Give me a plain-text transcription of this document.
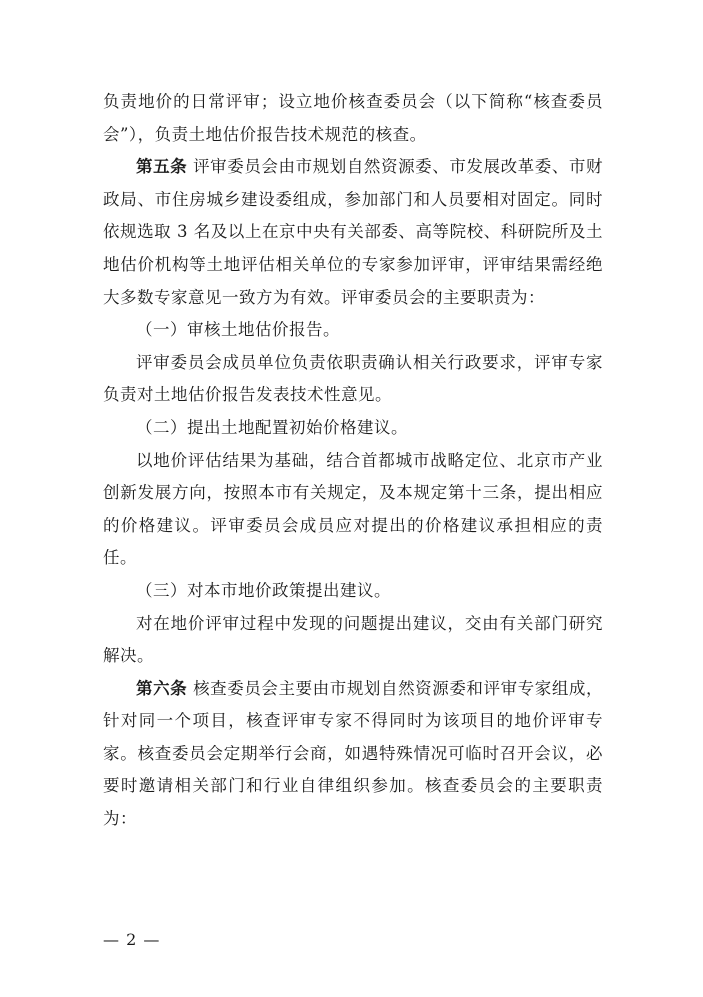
负责地价的日常评审；设立地价核查委员会（以下简称“核查委员会”），负责土地估价报告技术规范的核查。

第五条 评审委员会由市规划自然资源委、市发展改革委、市财政局、市住房城乡建设委组成，参加部门和人员要相对固定。同时依规选取 3 名及以上在京中央有关部委、高等院校、科研院所及土地估价机构等土地评估相关单位的专家参加评审，评审结果需经绝大多数专家意见一致方为有效。评审委员会的主要职责为：

（一）审核土地估价报告。

评审委员会成员单位负责依职责确认相关行政要求，评审专家负责对土地估价报告发表技术性意见。

（二）提出土地配置初始价格建议。

以地价评估结果为基础，结合首都城市战略定位、北京市产业创新发展方向，按照本市有关规定，及本规定第十三条，提出相应的价格建议。评审委员会成员应对提出的价格建议承担相应的责任。

（三）对本市地价政策提出建议。

对在地价评审过程中发现的问题提出建议，交由有关部门研究解决。

第六条 核查委员会主要由市规划自然资源委和评审专家组成，针对同一个项目，核查评审专家不得同时为该项目的地价评审专家。核查委员会定期举行会商，如遇特殊情况可临时召开会议，必要时邀请相关部门和行业自律组织参加。核查委员会的主要职责为：

— 2 —
